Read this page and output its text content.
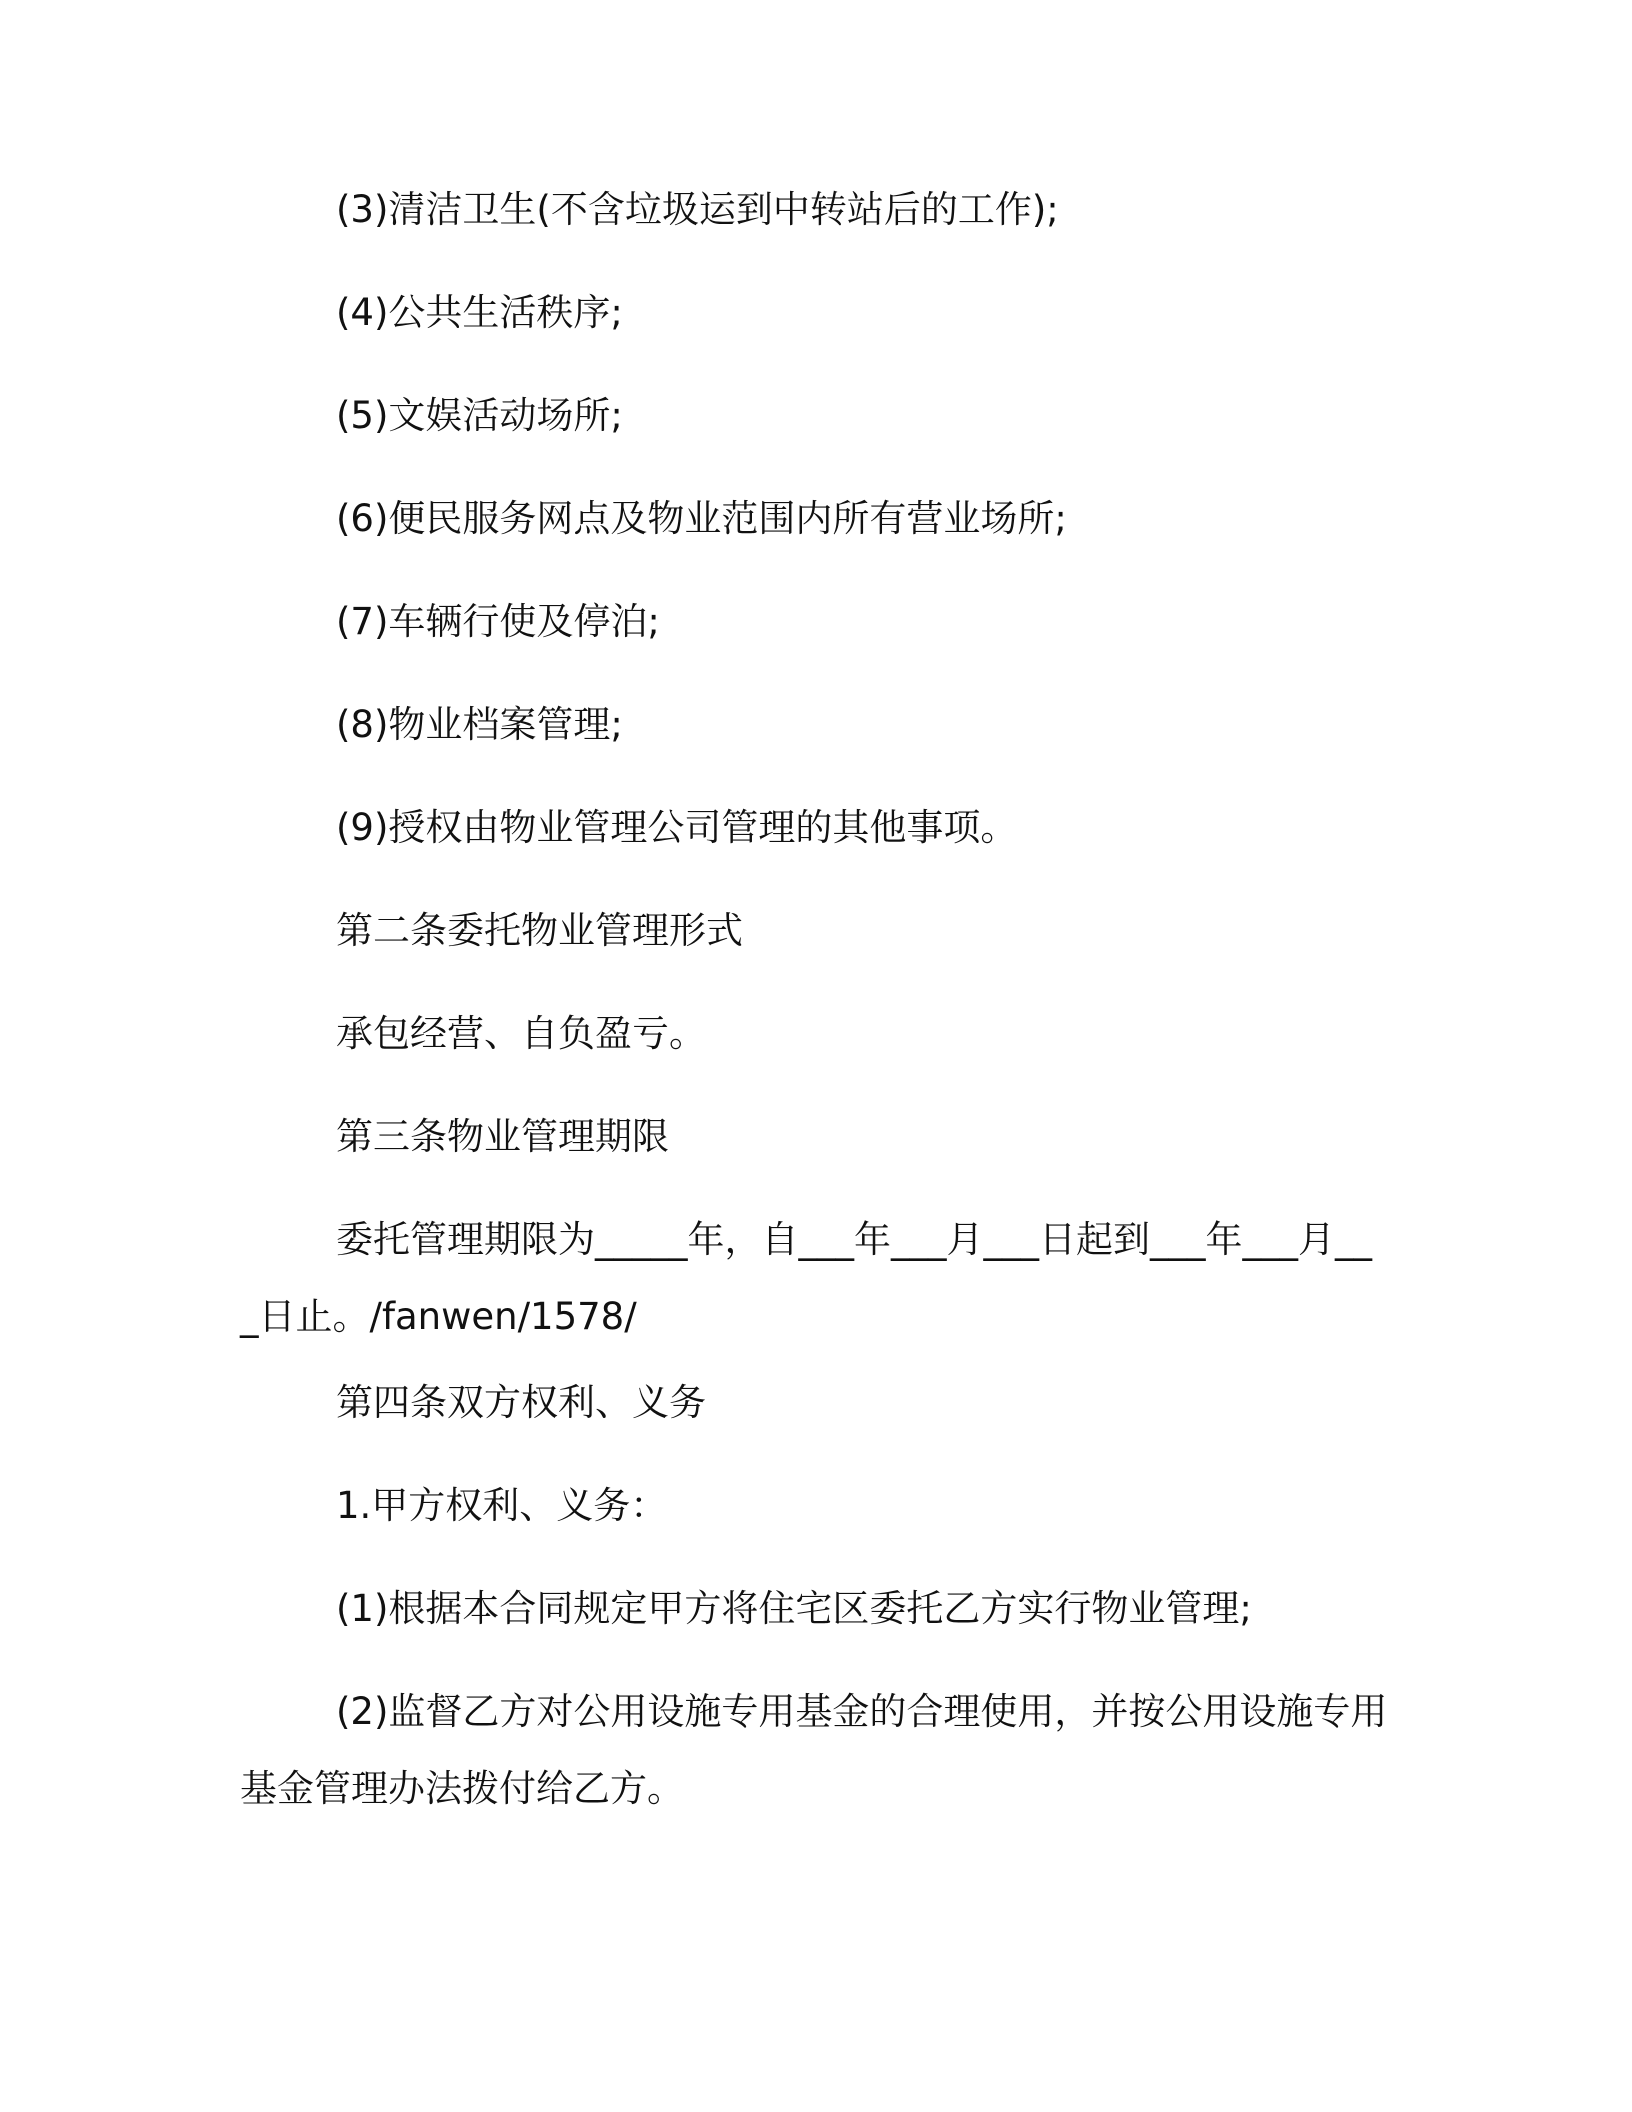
(3)清洁卫生(不含垃圾运到中转站后的工作);

(4)公共生活秩序;

(5)文娱活动场所;

(6)便民服务网点及物业范围内所有营业场所;

(7)车辆行使及停泊;

(8)物业档案管理;

(9)授权由物业管理公司管理的其他事项。

第二条委托物业管理形式

承包经营、自负盈亏。

第三条物业管理期限

委托管理期限为_____年，自___年___月___日起到___年___月___日止。/fanwen/1578/

第四条双方权利、义务

1.甲方权利、义务：

(1)根据本合同规定甲方将住宅区委托乙方实行物业管理;

(2)监督乙方对公用设施专用基金的合理使用，并按公用设施专用基金管理办法拨付给乙方。
